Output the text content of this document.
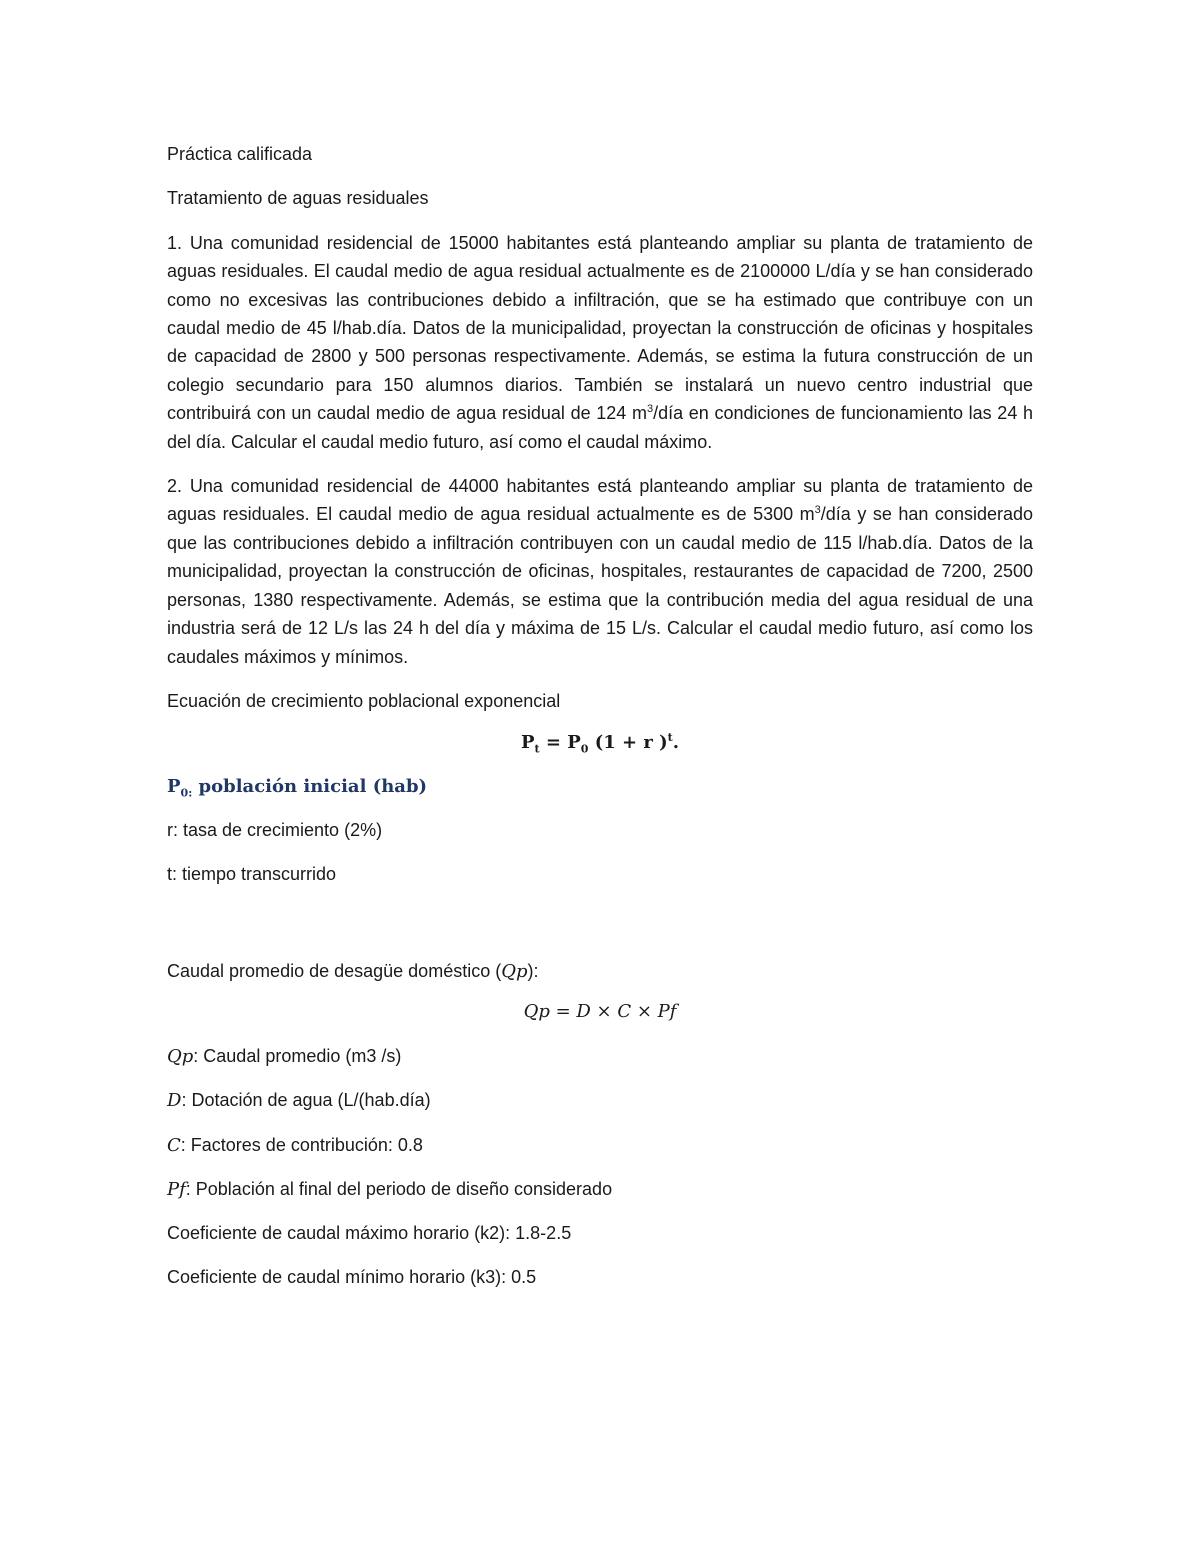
Práctica calificada

Tratamiento de aguas residuales

1. Una comunidad residencial de 15000 habitantes está planteando ampliar su planta de tratamiento de aguas residuales. El caudal medio de agua residual actualmente es de 2100000 L/día y se han considerado como no excesivas las contribuciones debido a infiltración, que se ha estimado que contribuye con un caudal medio de 45 l/hab.día. Datos de la municipalidad, proyectan la construcción de oficinas y hospitales de capacidad de 2800 y 500 personas respectivamente. Además, se estima la futura construcción de un colegio secundario para 150 alumnos diarios. También se instalará un nuevo centro industrial que contribuirá con un caudal medio de agua residual de 124 $m^3$/día en condiciones de funcionamiento las 24 h del día. Calcular el caudal medio futuro, así como el caudal máximo.

2. Una comunidad residencial de 44000 habitantes está planteando ampliar su planta de tratamiento de aguas residuales. El caudal medio de agua residual actualmente es de 5300 $m^3$/día y se han considerado que las contribuciones debido a infiltración contribuyen con un caudal medio de 115 l/hab.día. Datos de la municipalidad, proyectan la construcción de oficinas, hospitales, restaurantes de capacidad de 7200, 2500 personas, 1380 respectivamente. Además, se estima que la contribución media del agua residual de una industria será de 12 L/s las 24 h del día y máxima de 15 L/s. Calcular el caudal medio futuro, así como los caudales máximos y mínimos.

Ecuación de crecimiento poblacional exponencial

$P_t = P_0$ (1 + r )$^t$.

$P_{0:}$ población inicial (hab)

r: tasa de crecimiento (2%)

t: tiempo transcurrido

Caudal promedio de desagüe doméstico (Qp):

Qp = D × C × Pf

Qp: Caudal promedio (m3 /s)

D: Dotación de agua (L/(hab.día)

C: Factores de contribución: 0.8

Pf: Población al final del periodo de diseño considerado

Coeficiente de caudal máximo horario (k2): 1.8-2.5

Coeficiente de caudal mínimo horario (k3): 0.5
